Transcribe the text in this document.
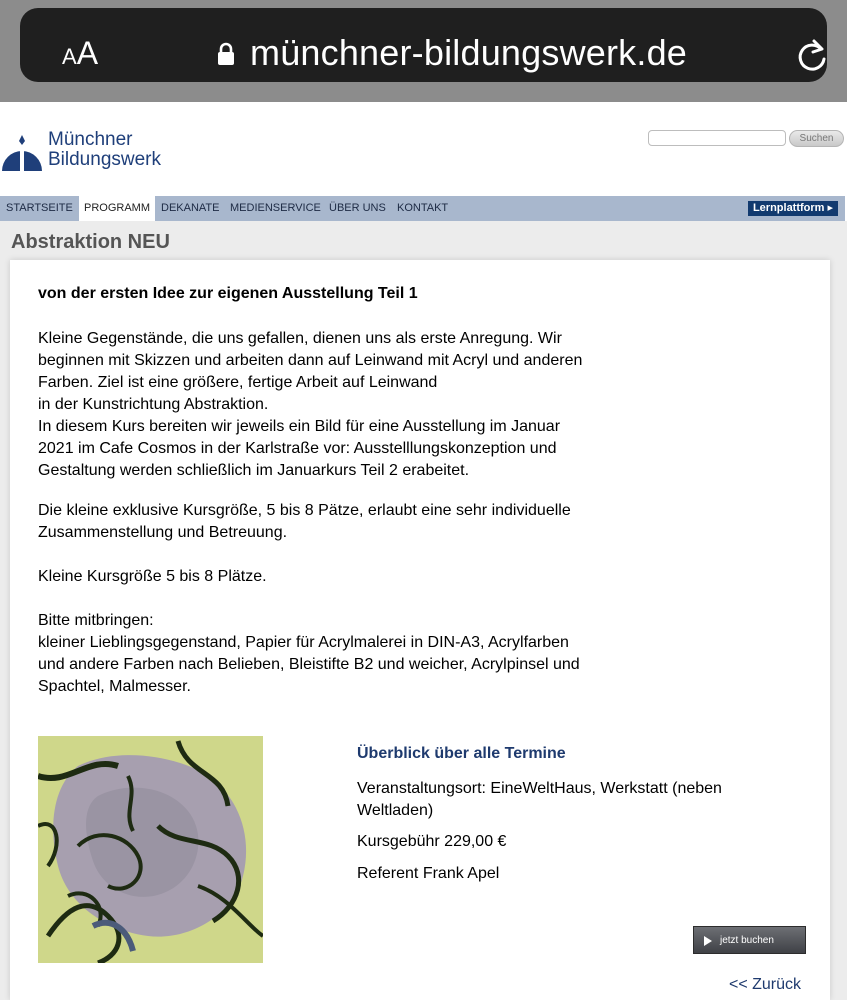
AA	münchner-bildungswerk.de
Münchner
Bildungswerk
Suchen
STARTSEITE	PROGRAMM	DEKANATE MEDIENSERVICE ÜBER UNS KONTAKT	Lernplattform ▸
Abstraktion NEU
von der ersten Idee zur eigenen Ausstellung Teil 1
Kleine Gegenstände, die uns gefallen, dienen uns als erste Anregung. Wir
beginnen mit Skizzen und arbeiten dann auf Leinwand mit Acryl und anderen
Farben. Ziel ist eine größere, fertige Arbeit auf Leinwand
in der Kunstrichtung Abstraktion.
In diesem Kurs bereiten wir jeweils ein Bild für eine Ausstellung im Januar
2021 im Cafe Cosmos in der Karlstraße vor: Ausstelllungskonzeption und
Gestaltung werden schließlich im Januarkurs Teil 2 erabeitet.
Die kleine exklusive Kursgröße, 5 bis 8 Pätze, erlaubt eine sehr individuelle
Zusammenstellung und Betreuung.
Kleine Kursgröße 5 bis 8 Plätze.
Bitte mitbringen:
kleiner Lieblingsgegenstand, Papier für Acrylmalerei in DIN-A3, Acrylfarben
und andere Farben nach Belieben, Bleistifte B2 und weicher, Acrylpinsel und
Spachtel, Malmesser.
Überblick über alle Termine
Veranstaltungsort: EineWeltHaus, Werkstatt (neben
Weltladen)
Kursgebühr 229,00 €
Referent Frank Apel
jetzt buchen
<< Zurück
